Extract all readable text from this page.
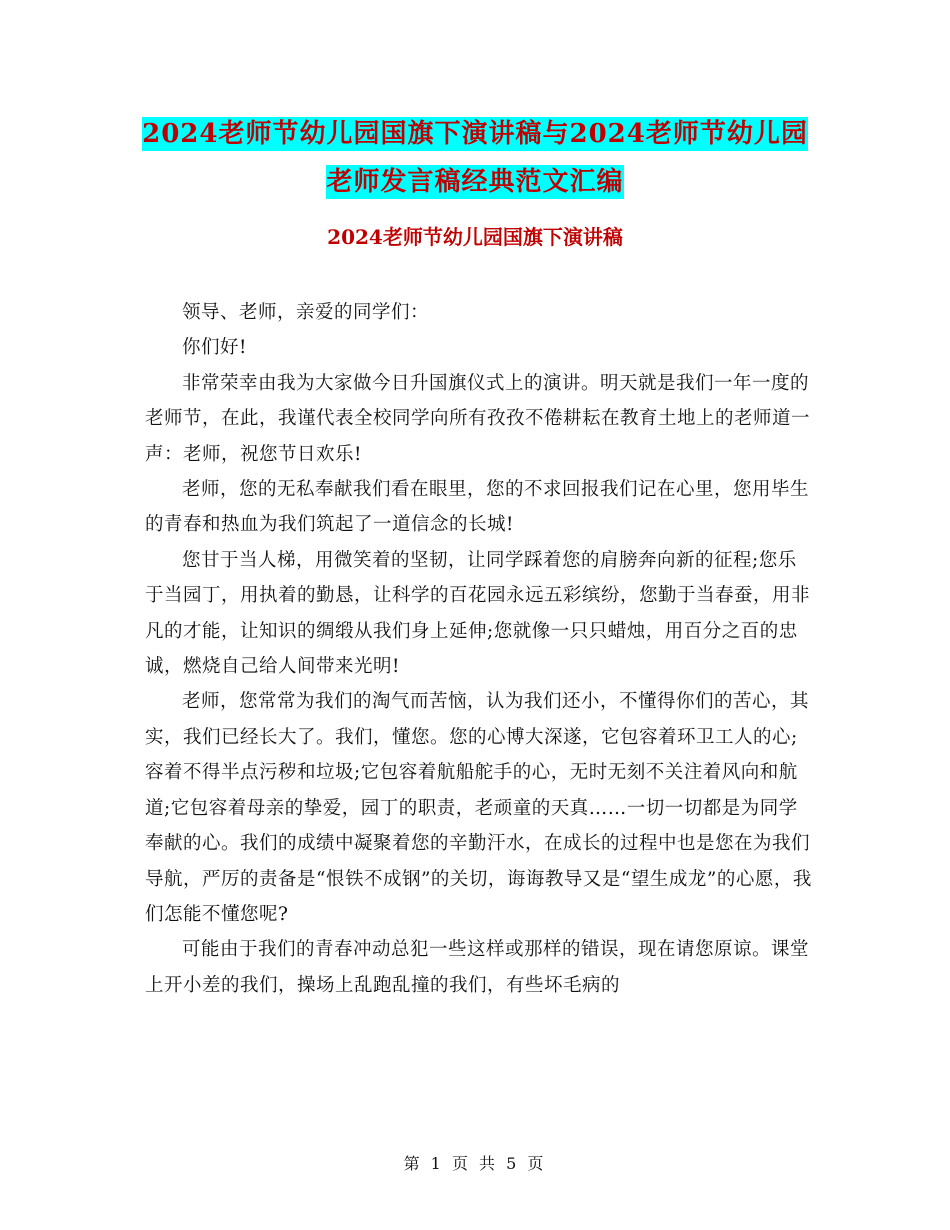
2024老师节幼儿园国旗下演讲稿与2024老师节幼儿园
老师发言稿经典范文汇编
2024老师节幼儿园国旗下演讲稿

领导、老师，亲爱的同学们：

你们好!

非常荣幸由我为大家做今日升国旗仪式上的演讲。明天就是我们一年一度的老师节，在此，我谨代表全校同学向所有孜孜不倦耕耘在教育土地上的老师道一声：老师，祝您节日欢乐!

老师，您的无私奉献我们看在眼里，您的不求回报我们记在心里，您用毕生的青春和热血为我们筑起了一道信念的长城!

您甘于当人梯，用微笑着的坚韧，让同学踩着您的肩膀奔向新的征程;您乐于当园丁，用执着的勤恳，让科学的百花园永远五彩缤纷，您勤于当春蚕，用非凡的才能，让知识的绸缎从我们身上延伸;您就像一只只蜡烛，用百分之百的忠诚，燃烧自己给人间带来光明!

老师，您常常为我们的淘气而苦恼，认为我们还小，不懂得你们的苦心，其实，我们已经长大了。我们，懂您。您的心博大深遂，它包容着环卫工人的心;容着不得半点污秽和垃圾;它包容着航船舵手的心，无时无刻不关注着风向和航道;它包容着母亲的挚爱，园丁的职责，老顽童的天真……一切一切都是为同学奉献的心。我们的成绩中凝聚着您的辛勤汗水，在成长的过程中也是您在为我们导航，严厉的责备是“恨铁不成钢”的关切，诲诲教导又是“望生成龙”的心愿，我们怎能不懂您呢?

可能由于我们的青春冲动总犯一些这样或那样的错误，现在请您原谅。课堂上开小差的我们，操场上乱跑乱撞的我们，有些坏毛病的

第 1 页 共 5 页
